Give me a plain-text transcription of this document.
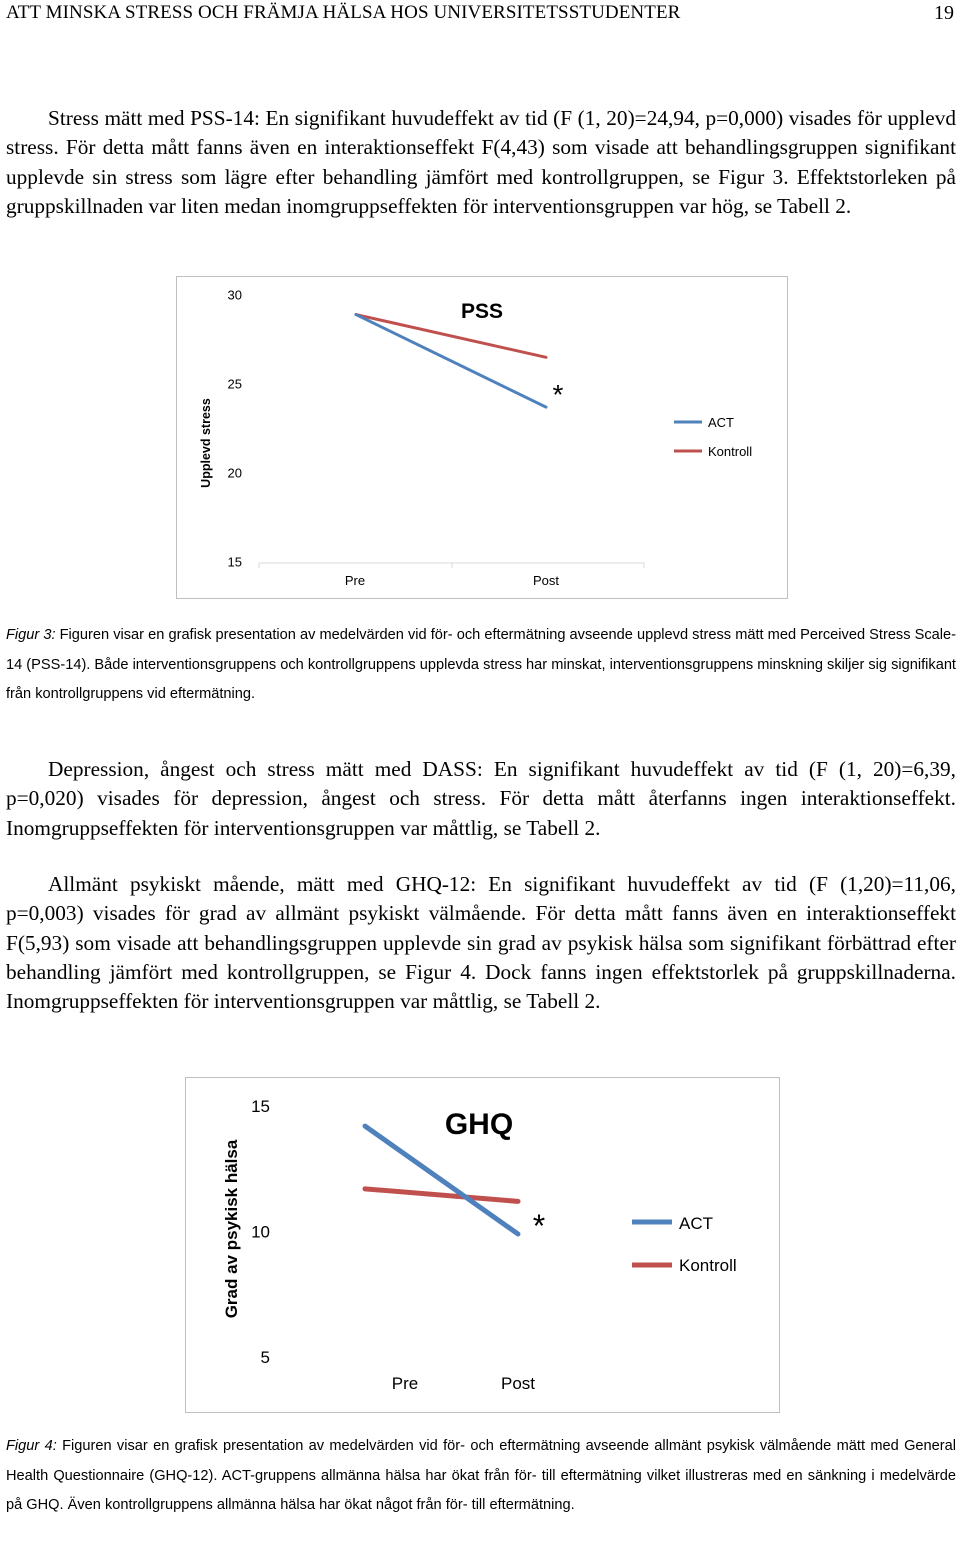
ATT MINSKA STRESS OCH FRÄMJA HÄLSA HOS UNIVERSITETSSTUDENTER	19

Stress mätt med PSS-14: En signifikant huvudeffekt av tid (F (1, 20)=24,94, p=0,000) visades för upplevd stress. För detta mått fanns även en interaktionseffekt F(4,43) som visade att behandlingsgruppen signifikant upplevde sin stress som lägre efter behandling jämfört med kontrollgruppen, se Figur 3. Effektstorleken på gruppskillnaden var liten medan inomgruppseffekten för interventionsgruppen var hög, se Tabell 2.

Upplevd stress
PSS
30
25
20
15
Pre	Post
*
ACT
Kontroll

Figur 3: Figuren visar en grafisk presentation av medelvärden vid för- och eftermätning avseende upplevd stress mätt med Perceived Stress Scale-14 (PSS-14). Både interventionsgruppens och kontrollgruppens upplevda stress har minskat, interventionsgruppens minskning skiljer sig signifikant från kontrollgruppens vid eftermätning.

Depression, ångest och stress mätt med DASS: En signifikant huvudeffekt av tid (F (1, 20)=6,39, p=0,020) visades för depression, ångest och stress. För detta mått återfanns ingen interaktionseffekt. Inomgruppseffekten för interventionsgruppen var måttlig, se Tabell 2.

Allmänt psykiskt mående, mätt med GHQ-12: En signifikant huvudeffekt av tid (F (1,20)=11,06, p=0,003) visades för grad av allmänt psykiskt välmående. För detta mått fanns även en interaktionseffekt F(5,93) som visade att behandlingsgruppen upplevde sin grad av psykisk hälsa som signifikant förbättrad efter behandling jämfört med kontrollgruppen, se Figur 4. Dock fanns ingen effektstorlek på gruppskillnaderna. Inomgruppseffekten för interventionsgruppen var måttlig, se Tabell 2.

Grad av psykisk hälsa
GHQ
15
10
5
Pre	Post
*	ACT
Kontroll

Figur 4: Figuren visar en grafisk presentation av medelvärden vid för- och eftermätning avseende allmänt psykisk välmående mätt med General Health Questionnaire (GHQ-12). ACT-gruppens allmänna hälsa har ökat från för- till eftermätning vilket illustreras med en sänkning i medelvärde på GHQ. Även kontrollgruppens allmänna hälsa har ökat något från för- till eftermätning.
